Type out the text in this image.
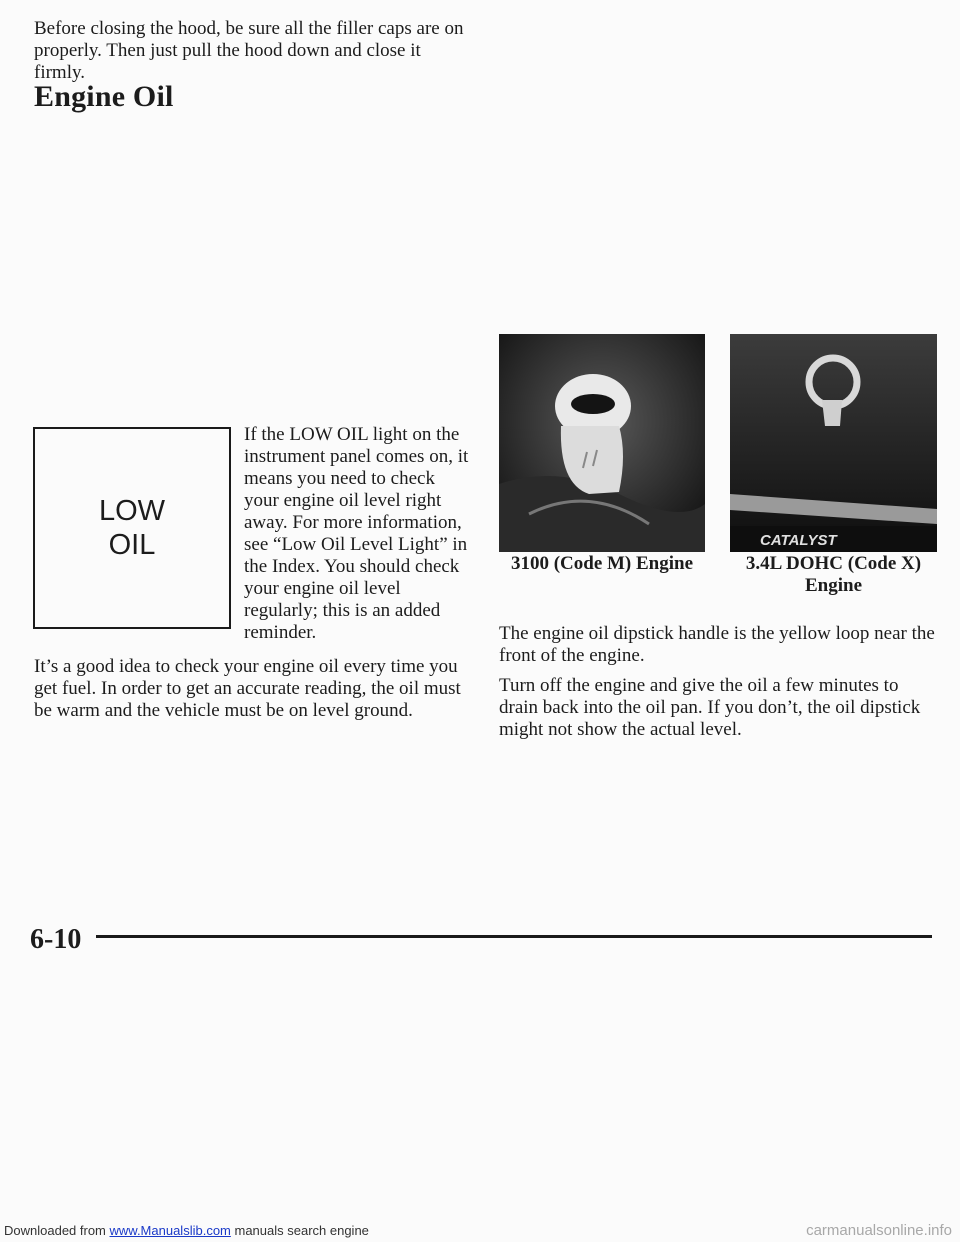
Before closing the hood, be sure all the filler caps are on properly. Then just pull the hood down and close it firmly.

Engine Oil
LOW
OIL

If the LOW OIL light on the instrument panel comes on, it means you need to check your engine oil level right away. For more information, see “Low Oil Level Light” in the Index. You should check your engine oil level regularly; this is an added reminder.

It’s a good idea to check your engine oil every time you get fuel. In order to get an accurate reading, the oil must be warm and the vehicle must be on level ground.

CATALYST
3100 (Code M) Engine	3.4L DOHC (Code X)
Engine

The engine oil dipstick handle is the yellow loop near the front of the engine.

Turn off the engine and give the oil a few minutes to drain back into the oil pan. If you don’t, the oil dipstick might not show the actual level.

6-10
Downloaded from www.Manualslib.com manuals search engine	carmanualsonline.info
